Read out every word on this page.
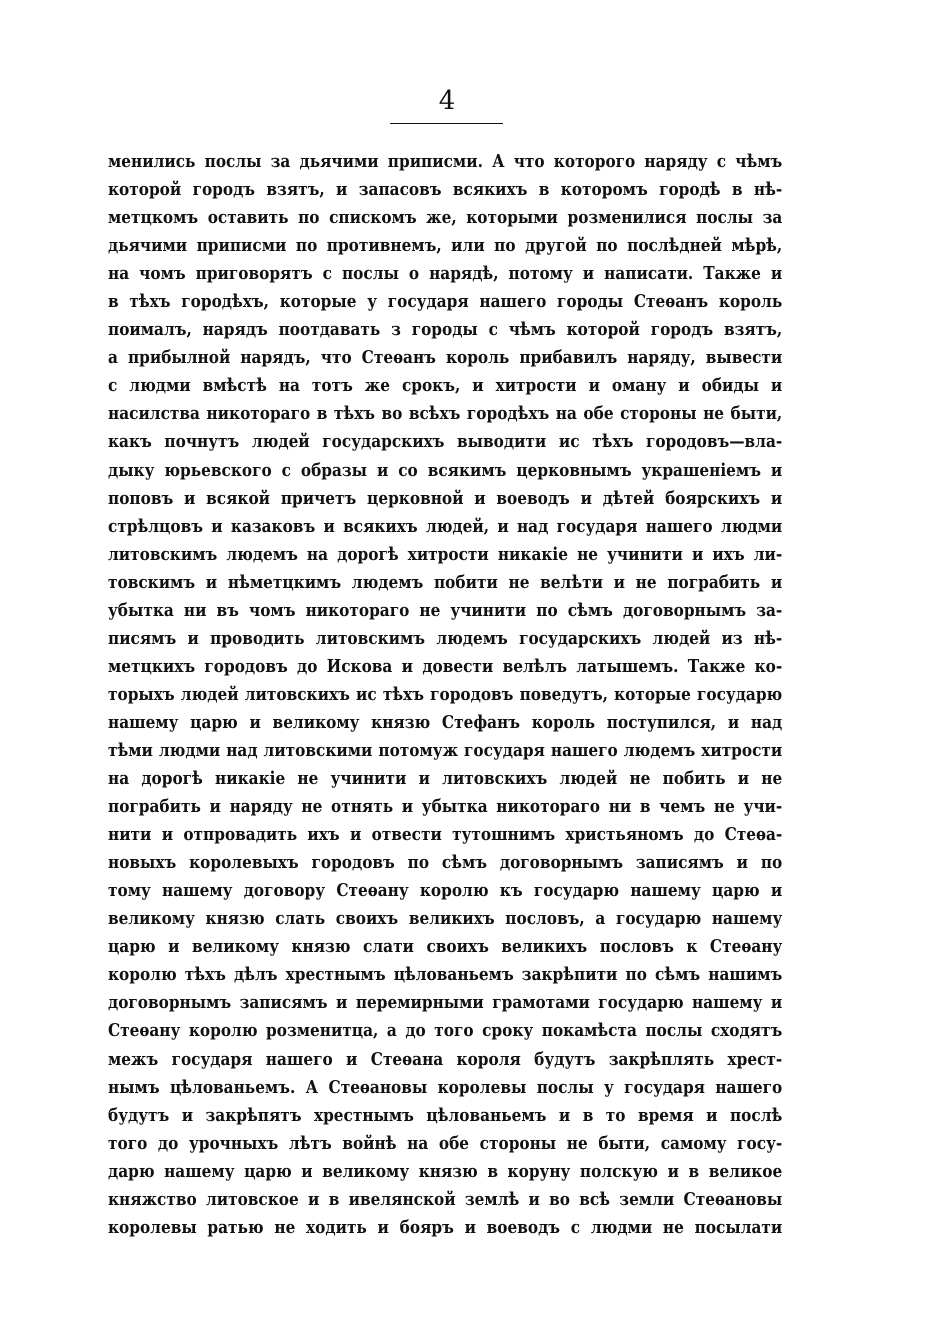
4
менились послы за дьячими приписми. А что которого наряду с чѣмъ
которой городъ взятъ, и запасовъ всякихъ в которомъ городѣ в нѣ-
метцкомъ оставить по спискомъ же, которыми розменилися послы за
дьячими приписми по противнемъ, или по другой по послѣдней мѣрѣ,
на чомъ приговорятъ с послы о нарядѣ, потому и написати. Также и
в тѣхъ городѣхъ, которые у государя нашего городы Стеѳанъ король
поималъ, нарядъ поотдавать з городы с чѣмъ которой городъ взятъ,
а прибылной нарядъ, что Стеѳанъ король прибавилъ наряду, вывести
с людми вмѣстѣ на тотъ же срокъ, и хитрости и оману и обиды и
насилства никотораго в тѣхъ во всѣхъ городѣхъ на обе стороны не быти,
какъ почнутъ людей государскихъ выводити ис тѣхъ городовъ—вла-
дыку юрьевского с образы и со всякимъ церковнымъ украшеніемъ и
поповъ и всякой причетъ церковной и воеводъ и дѣтей боярскихъ и
стрѣлцовъ и казаковъ и всякихъ людей, и над государя нашего людми
литовскимъ людемъ на дорогѣ хитрости никакіе не учинити и ихъ ли-
товскимъ и нѣметцкимъ людемъ побити не велѣти и не пограбить и
убытка ни въ чомъ никотораго не учинити по сѣмъ договорнымъ за-
писямъ и проводить литовскимъ людемъ государскихъ людей из нѣ-
метцкихъ городовъ до Искова и довести велѣлъ латышемъ. Также ко-
торыхъ людей литовскихъ ис тѣхъ городовъ поведутъ, которые государю
нашему царю и великому князю Стефанъ король поступился, и над
тѣми людми над литовскими потомуж государя нашего людемъ хитрости
на дорогѣ никакіе не учинити и литовскихъ людей не побить и не
пограбить и наряду не отнять и убытка никотораго ни в чемъ не учи-
нити и отпровадить ихъ и отвести тутошнимъ христьяномъ до Стеѳа-
новыхъ королевыхъ городовъ по сѣмъ договорнымъ записямъ и по
тому нашему договору Стеѳану королю къ государю нашему царю и
великому князю слать своихъ великихъ пословъ, а государю нашему
царю и великому князю слати своихъ великихъ пословъ к Стеѳану
королю тѣхъ дѣлъ хрестнымъ цѣлованьемъ закрѣпити по сѣмъ нашимъ
договорнымъ записямъ и перемирными грамотами государю нашему и
Стеѳану королю розменитца, а до того сроку покамѣста послы сходятъ
межъ государя нашего и Стеѳана короля будутъ закрѣплять хрест-
нымъ цѣлованьемъ. А Стеѳановы королевы послы у государя нашего
будутъ и закрѣпятъ хрестнымъ цѣлованьемъ и в то время и послѣ
того до урочныхъ лѣтъ войнѣ на обе стороны не быти, самому госу-
дарю нашему царю и великому князю в коруну полскую и в великое
княжство литовское и в ивелянской землѣ и во всѣ земли Стеѳановы
королевы ратью не ходить и бояръ и воеводъ с людми не посылати
